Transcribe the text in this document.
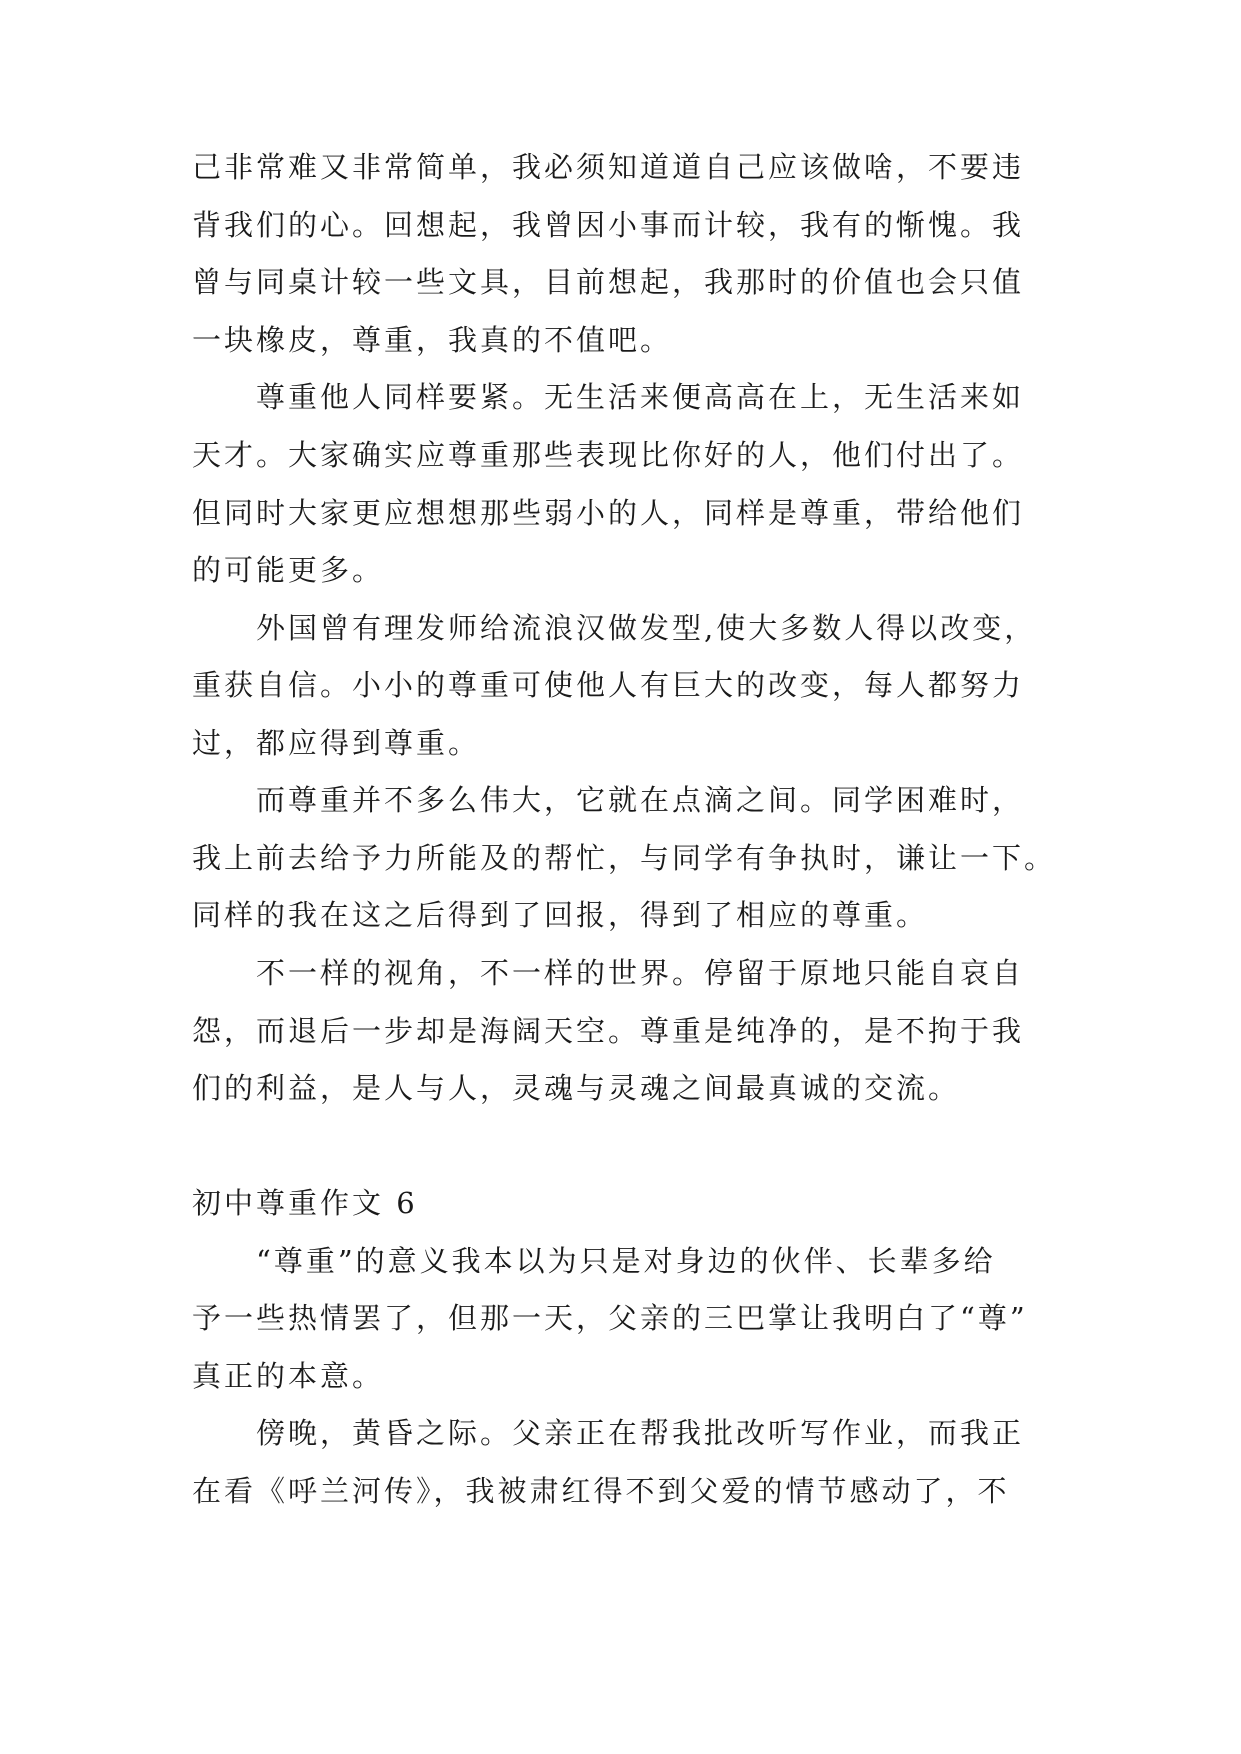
己非常难又非常简单，我必须知道道自己应该做啥，不要违
背我们的心。回想起，我曾因小事而计较，我有的惭愧。我
曾与同桌计较一些文具，目前想起，我那时的价值也会只值
一块橡皮，尊重，我真的不值吧。
尊重他人同样要紧。无生活来便高高在上，无生活来如
天才。大家确实应尊重那些表现比你好的人，他们付出了。
但同时大家更应想想那些弱小的人，同样是尊重，带给他们
的可能更多。
外国曾有理发师给流浪汉做发型,使大多数人得以改变，
重获自信。小小的尊重可使他人有巨大的改变，每人都努力
过，都应得到尊重。
而尊重并不多么伟大，它就在点滴之间。同学困难时，
我上前去给予力所能及的帮忙，与同学有争执时，谦让一下。
同样的我在这之后得到了回报，得到了相应的尊重。
不一样的视角，不一样的世界。停留于原地只能自哀自
怨，而退后一步却是海阔天空。尊重是纯净的，是不拘于我
们的利益，是人与人，灵魂与灵魂之间最真诚的交流。
初中尊重作文 6
“尊重”的意义我本以为只是对身边的伙伴、长辈多给
予一些热情罢了，但那一天，父亲的三巴掌让我明白了“尊”
真正的本意。
傍晚，黄昏之际。父亲正在帮我批改听写作业，而我正
在看《呼兰河传》，我被肃红得不到父爱的情节感动了，不
